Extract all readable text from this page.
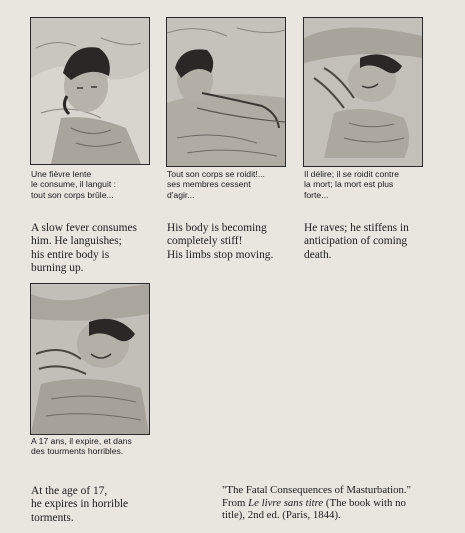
Une fièvre lente
le consume, il languit :
tout son corps brûle...
Tout son corps se roidit!...
ses membres cessent
d'agir...
Il délire; il se roidit contre
la mort; la mort est plus
forte...
A 17 ans, il expire, et dans
des tourments horribles.
A slow fever consumes
him. He languishes;
his entire body is
burning up.
His body is becoming
completely stiff!
His limbs stop moving.
He raves; he stiffens in
anticipation of coming
death.
At the age of 17,
he expires in horrible
torments.
"The Fatal Consequences of Masturbation."
From Le livre sans titre (The book with no
title), 2nd ed. (Paris, 1844).
